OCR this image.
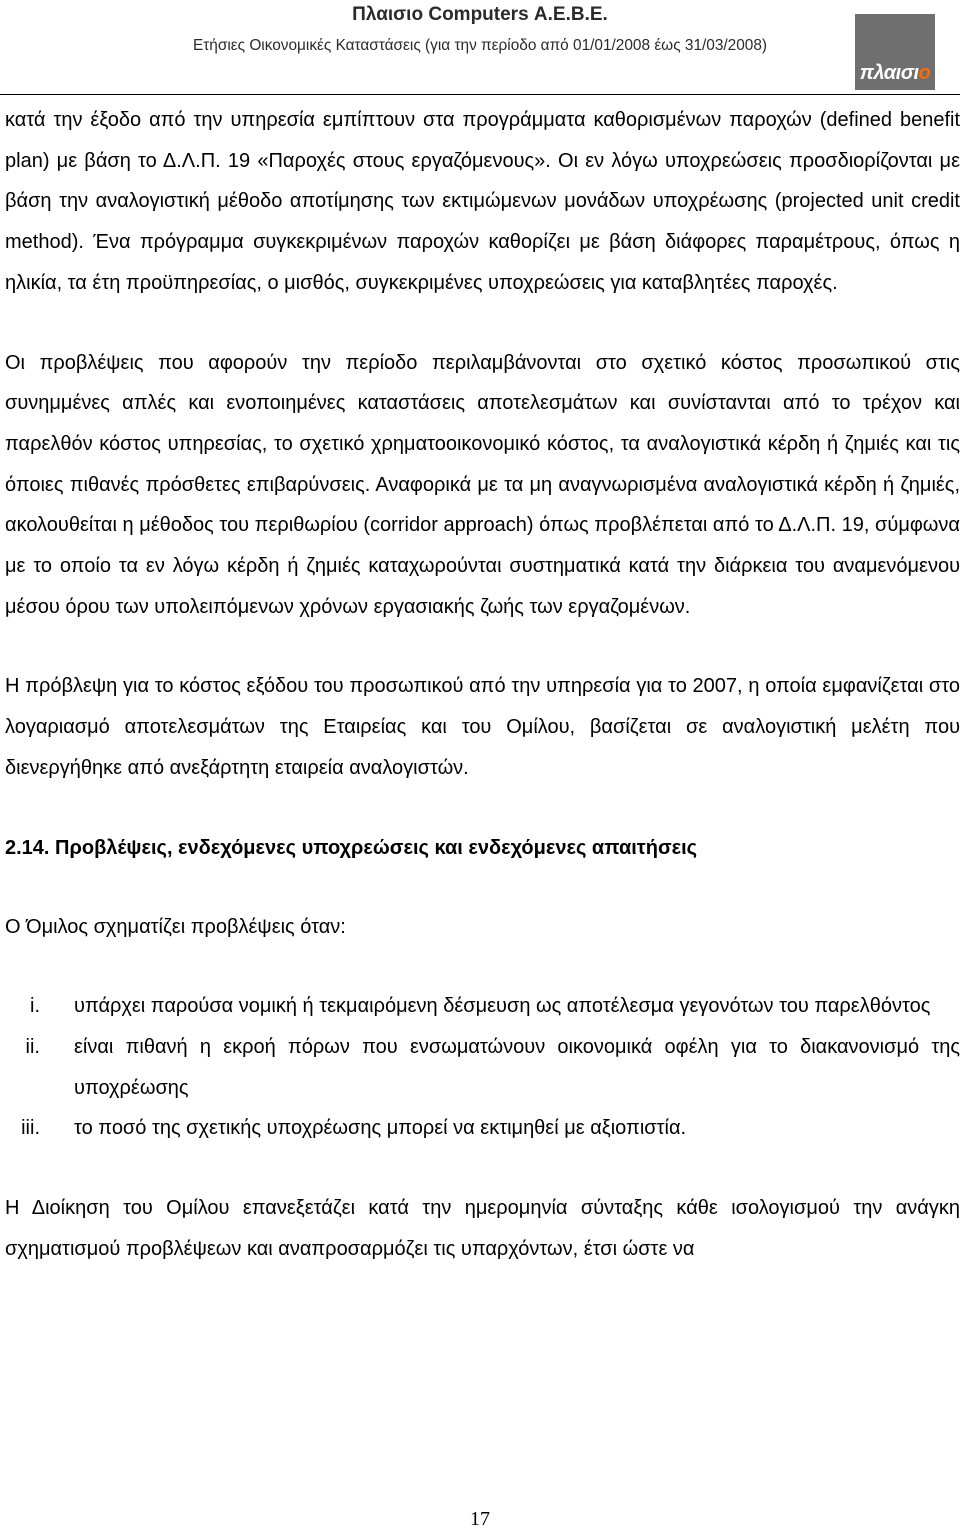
Πλαισιο Computers Α.Ε.Β.Ε.
Ετήσιες Οικονομικές Καταστάσεις (για την περίοδο από 01/01/2008 έως 31/03/2008)
πλαισιο

κατά την έξοδο από την υπηρεσία εμπίπτουν στα προγράμματα καθορισμένων παροχών (defined benefit plan) με βάση το Δ.Λ.Π. 19 «Παροχές στους εργαζόμενους». Οι εν λόγω υποχρεώσεις προσδιορίζονται με βάση την αναλογιστική μέθοδο αποτίμησης των εκτιμώμενων μονάδων υποχρέωσης (projected unit credit method). Ένα πρόγραμμα συγκεκριμένων παροχών καθορίζει με βάση διάφορες παραμέτρους, όπως η ηλικία, τα έτη προϋπηρεσίας, ο μισθός, συγκεκριμένες υποχρεώσεις για καταβλητέες παροχές.

Οι προβλέψεις που αφορούν την περίοδο περιλαμβάνονται στο σχετικό κόστος προσωπικού στις συνημμένες απλές και ενοποιημένες καταστάσεις αποτελεσμάτων και συνίστανται από το τρέχον και παρελθόν κόστος υπηρεσίας, το σχετικό χρηματοοικονομικό κόστος, τα αναλογιστικά κέρδη ή ζημιές και τις όποιες πιθανές πρόσθετες επιβαρύνσεις. Αναφορικά με τα μη αναγνωρισμένα αναλογιστικά κέρδη ή ζημιές, ακολουθείται η μέθοδος του περιθωρίου (corridor approach) όπως προβλέπεται από το Δ.Λ.Π. 19, σύμφωνα με το οποίο τα εν λόγω κέρδη ή ζημιές καταχωρούνται συστηματικά κατά την διάρκεια του αναμενόμενου μέσου όρου των υπολειπόμενων χρόνων εργασιακής ζωής των εργαζομένων.

Η πρόβλεψη για το κόστος εξόδου του προσωπικού από την υπηρεσία για το 2007, η οποία εμφανίζεται στο λογαριασμό αποτελεσμάτων της Εταιρείας και του Ομίλου, βασίζεται σε αναλογιστική μελέτη που διενεργήθηκε από ανεξάρτητη εταιρεία αναλογιστών.

2.14. Προβλέψεις, ενδεχόμενες υποχρεώσεις και ενδεχόμενες απαιτήσεις

Ο Όμιλος σχηματίζει προβλέψεις όταν:

i. υπάρχει παρούσα νομική ή τεκμαιρόμενη δέσμευση ως αποτέλεσμα γεγονότων του παρελθόντος
ii. είναι πιθανή η εκροή πόρων που ενσωματώνουν οικονομικά οφέλη για το διακανονισμό της υποχρέωσης
iii. το ποσό της σχετικής υποχρέωσης μπορεί να εκτιμηθεί με αξιοπιστία.

Η Διοίκηση του Ομίλου επανεξετάζει κατά την ημερομηνία σύνταξης κάθε ισολογισμού την ανάγκη σχηματισμού προβλέψεων και αναπροσαρμόζει τις υπαρχόντων, έτσι ώστε να

17
